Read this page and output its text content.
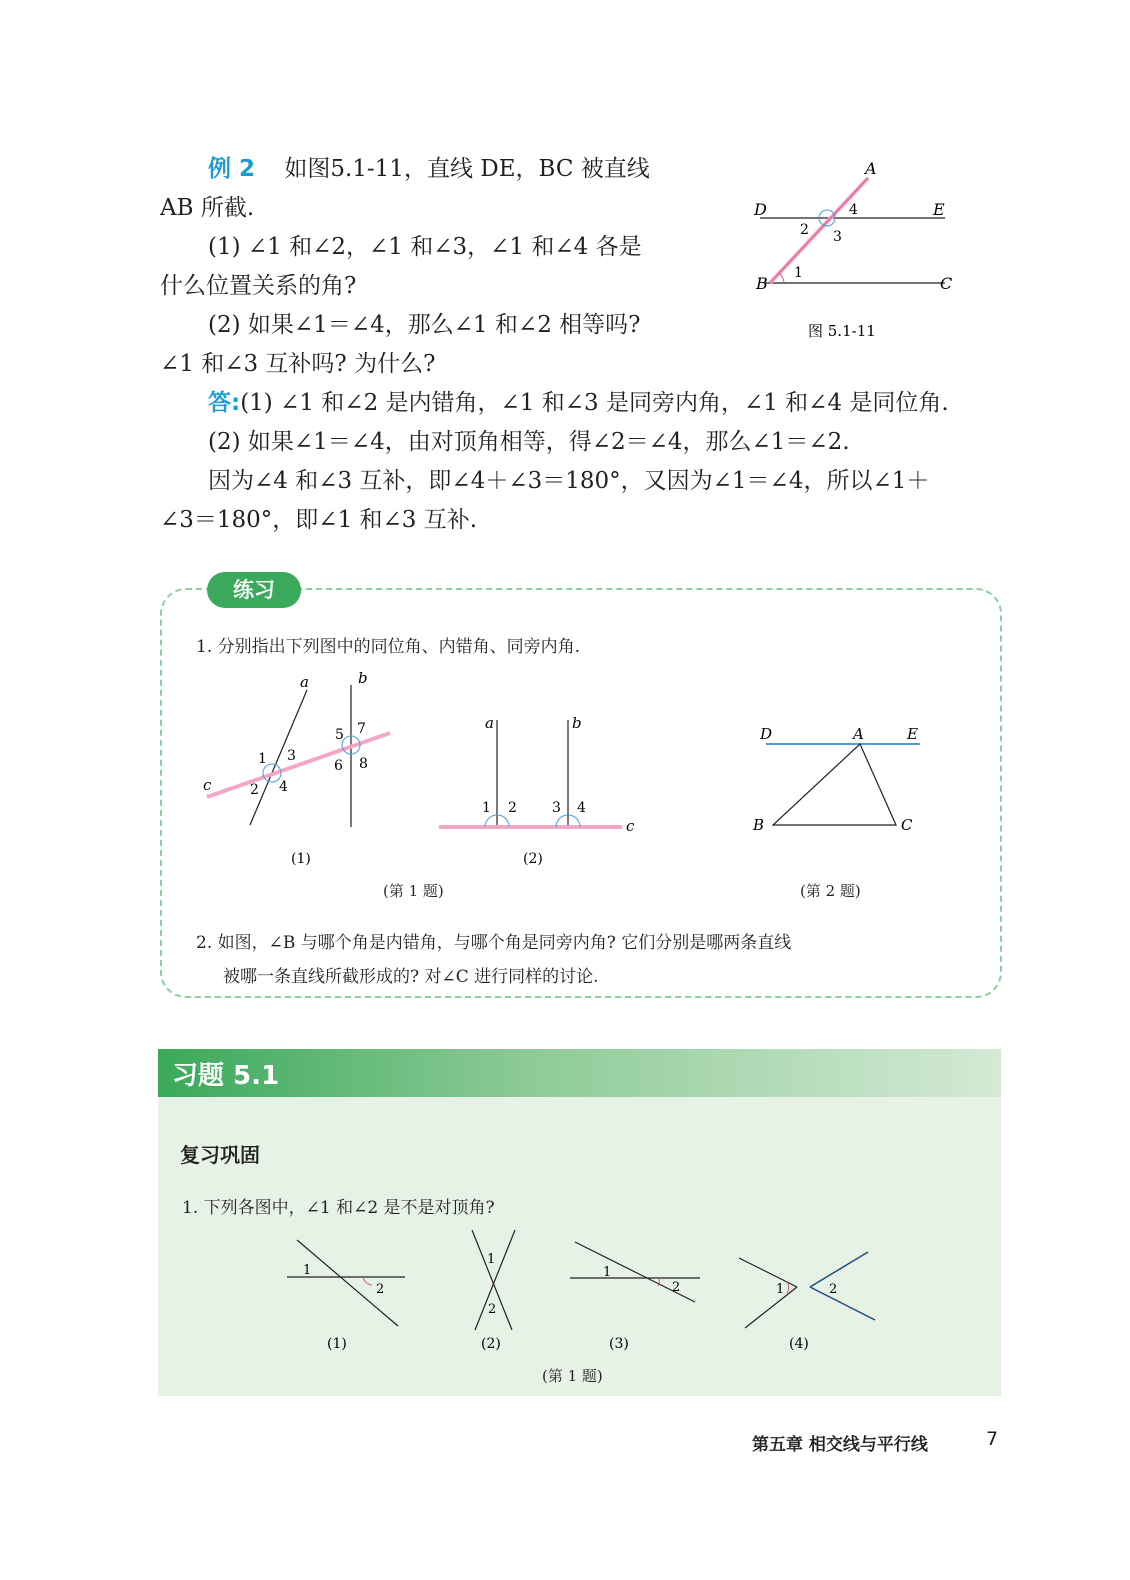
例 2 如图5.1-11，直线 DE，BC 被直线
AB 所截.
(1) ∠1 和∠2，∠1 和∠3，∠1 和∠4 各是
什么位置关系的角?
(2) 如果∠1＝∠4，那么∠1 和∠2 相等吗?
∠1 和∠3 互补吗? 为什么?
答:(1) ∠1 和∠2 是内错角，∠1 和∠3 是同旁内角，∠1 和∠4 是同位角.
(2) 如果∠1＝∠4，由对顶角相等，得∠2＝∠4，那么∠1＝∠2.
因为∠4 和∠3 互补，即∠4＋∠3＝180°，又因为∠1＝∠4，所以∠1＋
∠3＝180°，即∠1 和∠3 互补.
A
D	E
B	C
1
2 3
4
图 5.1-11
练习
1. 分别指出下列图中的同位角、内错角、同旁内角.
a	b
c
1 3
2 4
5 7
6 8
(1)
a	b
c
1 2	3 4
(2)
(第 1 题)
D	A	E
B	C
(第 2 题)
2. 如图，∠B 与哪个角是内错角，与哪个角是同旁内角? 它们分别是哪两条直线
被哪一条直线所截形成的? 对∠C 进行同样的讨论.
习题 5.1
复习巩固
1. 下列各图中，∠1 和∠2 是不是对顶角?
1
2
(1)
1
2
(2)
1
2
(3)
1	2
(4)
(第 1 题)
第五章 相交线与平行线	7
